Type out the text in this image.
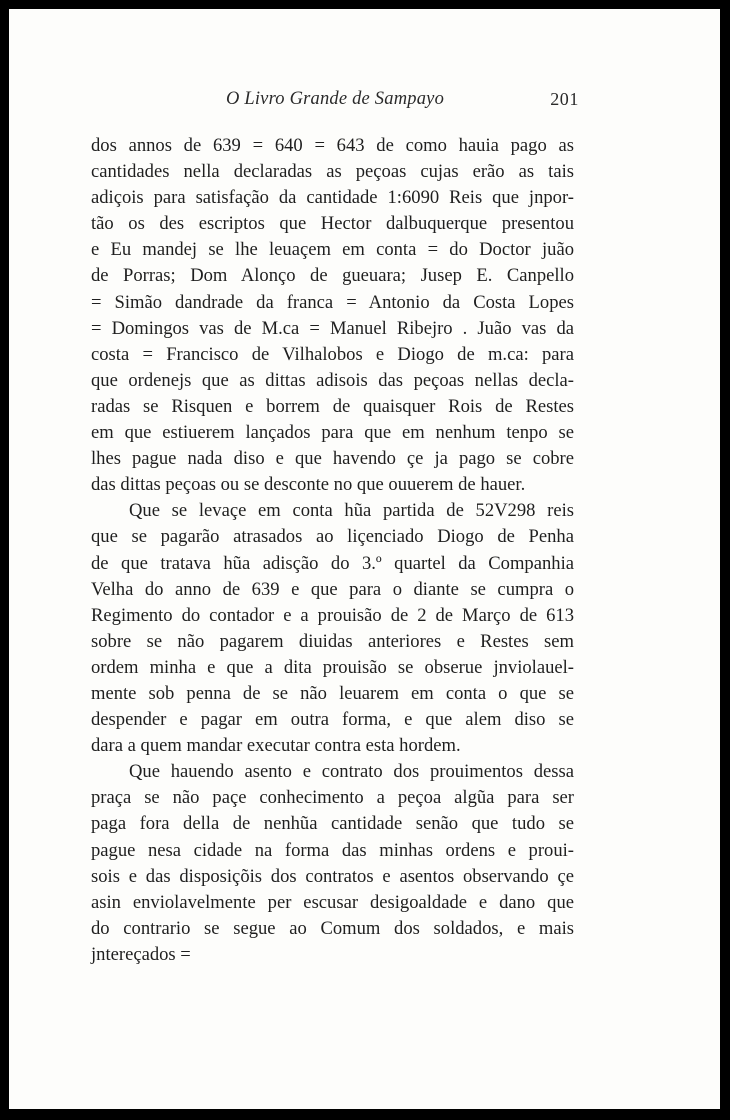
O Livro Grande de Sampayo	201

dos annos de 639 = 640 = 643 de como hauia pago as

cantidades nella declaradas as peçoas cujas erão as tais

adiçois para satisfação da cantidade 1:6090 Reis que jnpor-

tão os des escriptos que Hector dalbuquerque presentou

e Eu mandej se lhe leuaçem em conta = do Doctor juão

de Porras; Dom Alonço de gueuara; Jusep E. Canpello

= Simão dandrade da franca = Antonio da Costa Lopes

= Domingos vas de M.ca = Manuel Ribejro . Juão vas da

costa = Francisco de Vilhalobos e Diogo de m.ca: para

que ordenejs que as dittas adisois das peçoas nellas decla-

radas se Risquen e borrem de quaisquer Rois de Restes

em que estiuerem lançados para que em nenhum tenpo se

lhes pague nada diso e que havendo çe ja pago se cobre

das dittas peçoas ou se desconte no que ouuerem de hauer.

Que se levaçe em conta hũa partida de 52V298 reis

que se pagarão atrasados ao liçenciado Diogo de Penha

de que tratava hũa adisção do 3.º quartel da Companhia

Velha do anno de 639 e que para o diante se cumpra o

Regimento do contador e a prouisão de 2 de Março de 613

sobre se não pagarem diuidas anteriores e Restes sem

ordem minha e que a dita prouisão se obserue jnviolauel-

mente sob penna de se não leuarem em conta o que se

despender e pagar em outra forma, e que alem diso se

dara a quem mandar executar contra esta hordem.

Que hauendo asento e contrato dos prouimentos dessa

praça se não paçe conhecimento a peçoa algũa para ser

paga fora della de nenhũa cantidade senão que tudo se

pague nesa cidade na forma das minhas ordens e proui-

sois e das disposiçõis dos contratos e asentos observando çe

asin enviolavelmente per escusar desigoaldade e dano que

do contrario se segue ao Comum dos soldados, e mais

jntereçados =
